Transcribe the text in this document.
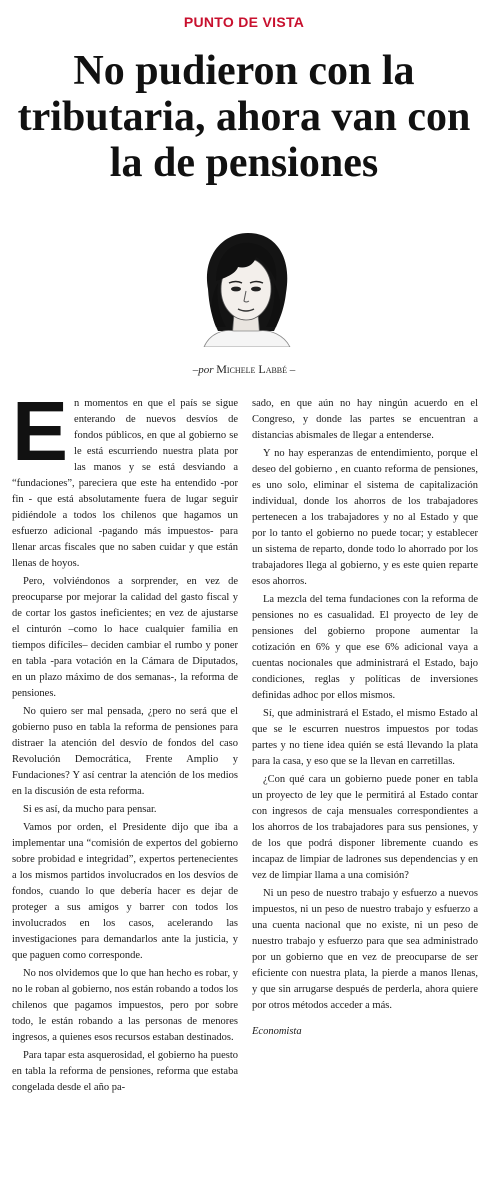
PUNTO DE VISTA
No pudieron con la tributaria, ahora van con la de pensiones
–por Michele Labbé –

En momentos en que el país se sigue enterando de nuevos desvíos de fondos públicos, en que al gobierno se le está escurriendo nuestra plata por las manos y se está desviando a “fundaciones”, pareciera que este ha entendido -por fin - que está absolutamente fuera de lugar seguir pidiéndole a todos los chilenos que hagamos un esfuerzo adicional -pagando más impuestos- para llenar arcas fiscales que no saben cuidar y que están llenas de hoyos.

Pero, volviéndonos a sorprender, en vez de preocuparse por mejorar la calidad del gasto fiscal y de cortar los gastos ineficientes; en vez de ajustarse el cinturón –como lo hace cualquier familia en tiempos difíciles– deciden cambiar el rumbo y poner en tabla -para votación en la Cámara de Diputados, en un plazo máximo de dos semanas-, la reforma de pensiones.

No quiero ser mal pensada, ¿pero no será que el gobierno puso en tabla la reforma de pensiones para distraer la atención del desvío de fondos del caso Revolución Democrática, Frente Amplio y Fundaciones? Y así centrar la atención de los medios en la discusión de esta reforma.

Si es así, da mucho para pensar.

Vamos por orden, el Presidente dijo que iba a implementar una “comisión de expertos del gobierno sobre probidad e integridad”, expertos pertenecientes a los mismos partidos involucrados en los desvíos de fondos, cuando lo que debería hacer es dejar de proteger a sus amigos y barrer con todos los involucrados en los casos, acelerando las investigaciones para demandarlos ante la justicia, y que paguen como corresponde.

No nos olvidemos que lo que han hecho es robar, y no le roban al gobierno, nos están robando a todos los chilenos que pagamos impuestos, pero por sobre todo, le están robando a las personas de menores ingresos, a quienes esos recursos estaban destinados.

Para tapar esta asquerosidad, el gobierno ha puesto en tabla la reforma de pensiones, reforma que estaba congelada desde el año pa-

sado, en que aún no hay ningún acuerdo en el Congreso, y donde las partes se encuentran a distancias abismales de llegar a entenderse.

Y no hay esperanzas de entendimiento, porque el deseo del gobierno , en cuanto reforma de pensiones, es uno solo, eliminar el sistema de capitalización individual, donde los ahorros de los trabajadores pertenecen a los trabajadores y no al Estado y que por lo tanto el gobierno no puede tocar; y establecer un sistema de reparto, donde todo lo ahorrado por los trabajadores llega al gobierno, y es este quien reparte esos ahorros.

La mezcla del tema fundaciones con la reforma de pensiones no es casualidad. El proyecto de ley de pensiones del gobierno propone aumentar la cotización en 6% y que ese 6% adicional vaya a cuentas nocionales que administrará el Estado, bajo condiciones, reglas y políticas de inversiones definidas adhoc por ellos mismos.

Sí, que administrará el Estado, el mismo Estado al que se le escurren nuestros impuestos por todas partes y no tiene idea quién se está llevando la plata para la casa, y eso que se la llevan en carretillas.

¿Con qué cara un gobierno puede poner en tabla un proyecto de ley que le permitirá al Estado contar con ingresos de caja mensuales correspondientes a los ahorros de los trabajadores para sus pensiones, y de los que podrá disponer libremente cuando es incapaz de limpiar de ladrones sus dependencias y en vez de limpiar llama a una comisión?

Ni un peso de nuestro trabajo y esfuerzo a nuevos impuestos, ni un peso de nuestro trabajo y esfuerzo a una cuenta nacional que no existe, ni un peso de nuestro trabajo y esfuerzo para que sea administrado por un gobierno que en vez de preocuparse de ser eficiente con nuestra plata, la pierde a manos llenas, y que sin arrugarse después de perderla, ahora quiere por otros métodos acceder a más.

Economista
